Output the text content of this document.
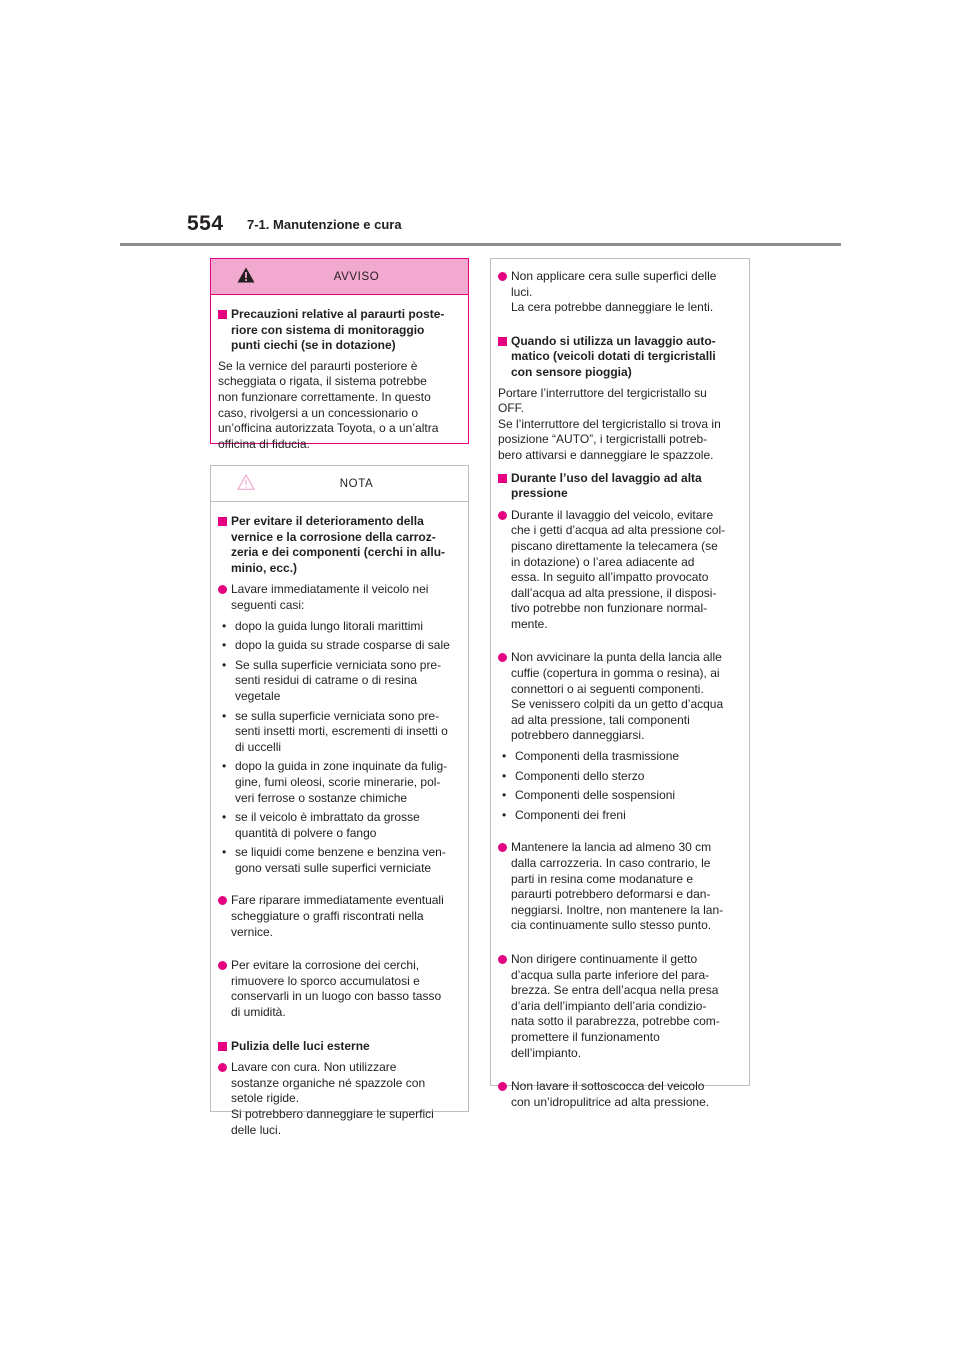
554 7-1. Manutenzione e cura
AVVISO
Precauzioni relative al paraurti poste-
riore con sistema di monitoraggio
punti ciechi (se in dotazione)
Se la vernice del paraurti posteriore è
scheggiata o rigata, il sistema potrebbe
non funzionare correttamente. In questo
caso, rivolgersi a un concessionario o
un’officina autorizzata Toyota, o a un’altra
officina di fiducia.
NOTA
Per evitare il deterioramento della
vernice e la corrosione della carroz-
zeria e dei componenti (cerchi in allu-
minio, ecc.)
Lavare immediatamente il veicolo nei
seguenti casi:
• dopo la guida lungo litorali marittimi
• dopo la guida su strade cosparse di sale
• Se sulla superficie verniciata sono pre-
senti residui di catrame o di resina
vegetale
• se sulla superficie verniciata sono pre-
senti insetti morti, escrementi di insetti o
di uccelli
• dopo la guida in zone inquinate da fulig-
gine, fumi oleosi, scorie minerarie, pol-
veri ferrose o sostanze chimiche
• se il veicolo è imbrattato da grosse
quantità di polvere o fango
• se liquidi come benzene e benzina ven-
gono versati sulle superfici verniciate
Fare riparare immediatamente eventuali
scheggiature o graffi riscontrati nella
vernice.
Per evitare la corrosione dei cerchi,
rimuovere lo sporco accumulatosi e
conservarli in un luogo con basso tasso
di umidità.
Pulizia delle luci esterne
Lavare con cura. Non utilizzare
sostanze organiche né spazzole con
setole rigide.
Si potrebbero danneggiare le superfici
delle luci.
Non applicare cera sulle superfici delle
luci.
La cera potrebbe danneggiare le lenti.
Quando si utilizza un lavaggio auto-
matico (veicoli dotati di tergicristalli
con sensore pioggia)
Portare l’interruttore del tergicristallo su
OFF.
Se l’interruttore del tergicristallo si trova in
posizione “AUTO”, i tergicristalli potreb-
bero attivarsi e danneggiare le spazzole.
Durante l’uso del lavaggio ad alta
pressione
Durante il lavaggio del veicolo, evitare
che i getti d’acqua ad alta pressione col-
piscano direttamente la telecamera (se
in dotazione) o l’area adiacente ad
essa. In seguito all’impatto provocato
dall’acqua ad alta pressione, il disposi-
tivo potrebbe non funzionare normal-
mente.
Non avvicinare la punta della lancia alle
cuffie (copertura in gomma o resina), ai
connettori o ai seguenti componenti.
Se venissero colpiti da un getto d’acqua
ad alta pressione, tali componenti
potrebbero danneggiarsi.
• Componenti della trasmissione
• Componenti dello sterzo
• Componenti delle sospensioni
• Componenti dei freni
Mantenere la lancia ad almeno 30 cm
dalla carrozzeria. In caso contrario, le
parti in resina come modanature e
paraurti potrebbero deformarsi e dan-
neggiarsi. Inoltre, non mantenere la lan-
cia continuamente sullo stesso punto.
Non dirigere continuamente il getto
d’acqua sulla parte inferiore del para-
brezza. Se entra dell’acqua nella presa
d’aria dell’impianto dell’aria condizio-
nata sotto il parabrezza, potrebbe com-
promettere il funzionamento
dell’impianto.
Non lavare il sottoscocca del veicolo
con un’idropulitrice ad alta pressione.
